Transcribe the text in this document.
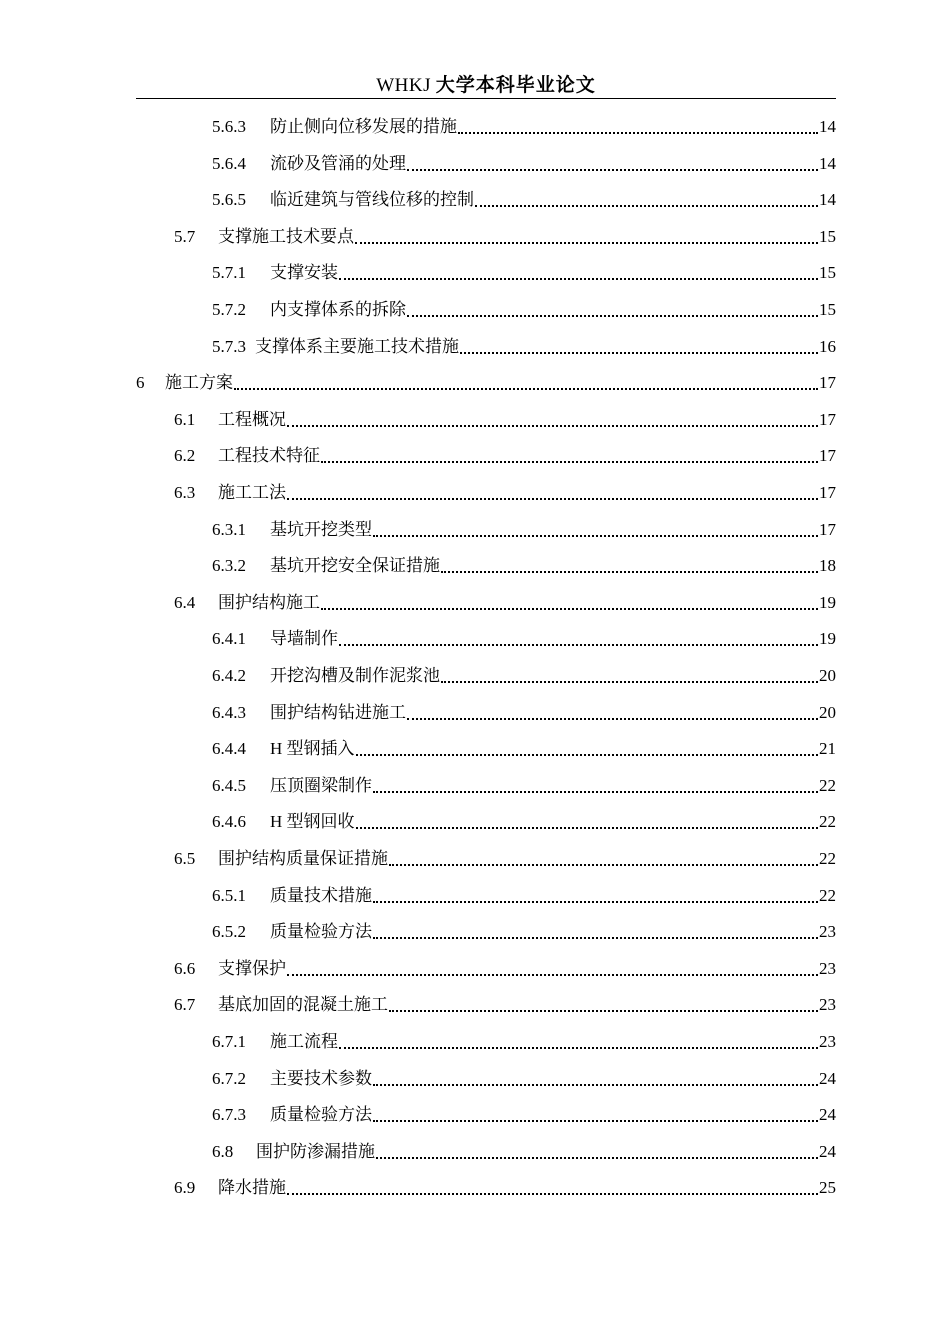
WHKJ 大学本科毕业论文
5.6.3	防止侧向位移发展的措施	14
5.6.4	流砂及管涌的处理	14
5.6.5	临近建筑与管线位移的控制	14
5.7	支撑施工技术要点	15
5.7.1	支撑安装	15
5.7.2	内支撑体系的拆除	15
5.7.3 支撑体系主要施工技术措施	16
6	施工方案	17
6.1	工程概况	17
6.2	工程技术特征	17
6.3	施工工法	17
6.3.1	基坑开挖类型	17
6.3.2	基坑开挖安全保证措施	18
6.4	围护结构施工	19
6.4.1	导墙制作	19
6.4.2	开挖沟槽及制作泥浆池	20
6.4.3	围护结构钻进施工	20
6.4.4	H 型钢插入	21
6.4.5	压顶圈梁制作	22
6.4.6	H 型钢回收	22
6.5	围护结构质量保证措施	22
6.5.1	质量技术措施	22
6.5.2	质量检验方法	23
6.6	支撑保护	23
6.7	基底加固的混凝土施工	23
6.7.1	施工流程	23
6.7.2	主要技术参数	24
6.7.3	质量检验方法	24
6.8	围护防渗漏措施	24
6.9	降水措施	25
